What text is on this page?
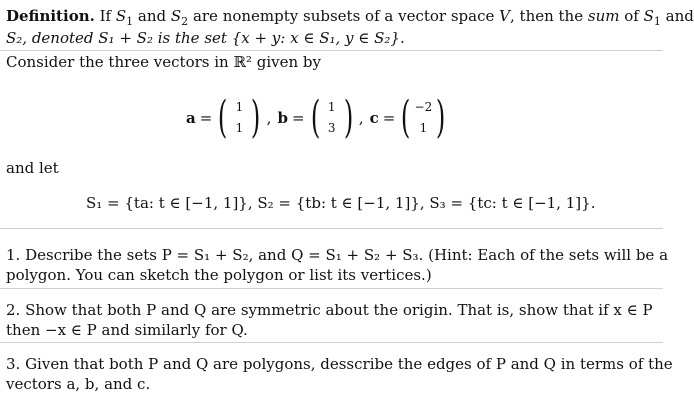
Definition. If $S_1$ and $S_2$ are nonempty subsets of a vector space V, then the sum of $S_1$ and
S₂, denoted S₁ + S₂ is the set {x + y: x ∈ S₁, y ∈ S₂}.
Consider the three vectors in ℝ² given by
a = ( 1
1 ) , b = ( 1
3 ) , c = ( −2
1 )
and let
S₁ = {ta: t ∈ [−1, 1]}, S₂ = {tb: t ∈ [−1, 1]}, S₃ = {tc: t ∈ [−1, 1]}.
1. Describe the sets P = S₁ + S₂, and Q = S₁ + S₂ + S₃. (Hint: Each of the sets will be a
polygon. You can sketch the polygon or list its vertices.)
2. Show that both P and Q are symmetric about the origin. That is, show that if x ∈ P
then −x ∈ P and similarly for Q.
3. Given that both P and Q are polygons, desscribe the edges of P and Q in terms of the
vectors a, b, and c.
